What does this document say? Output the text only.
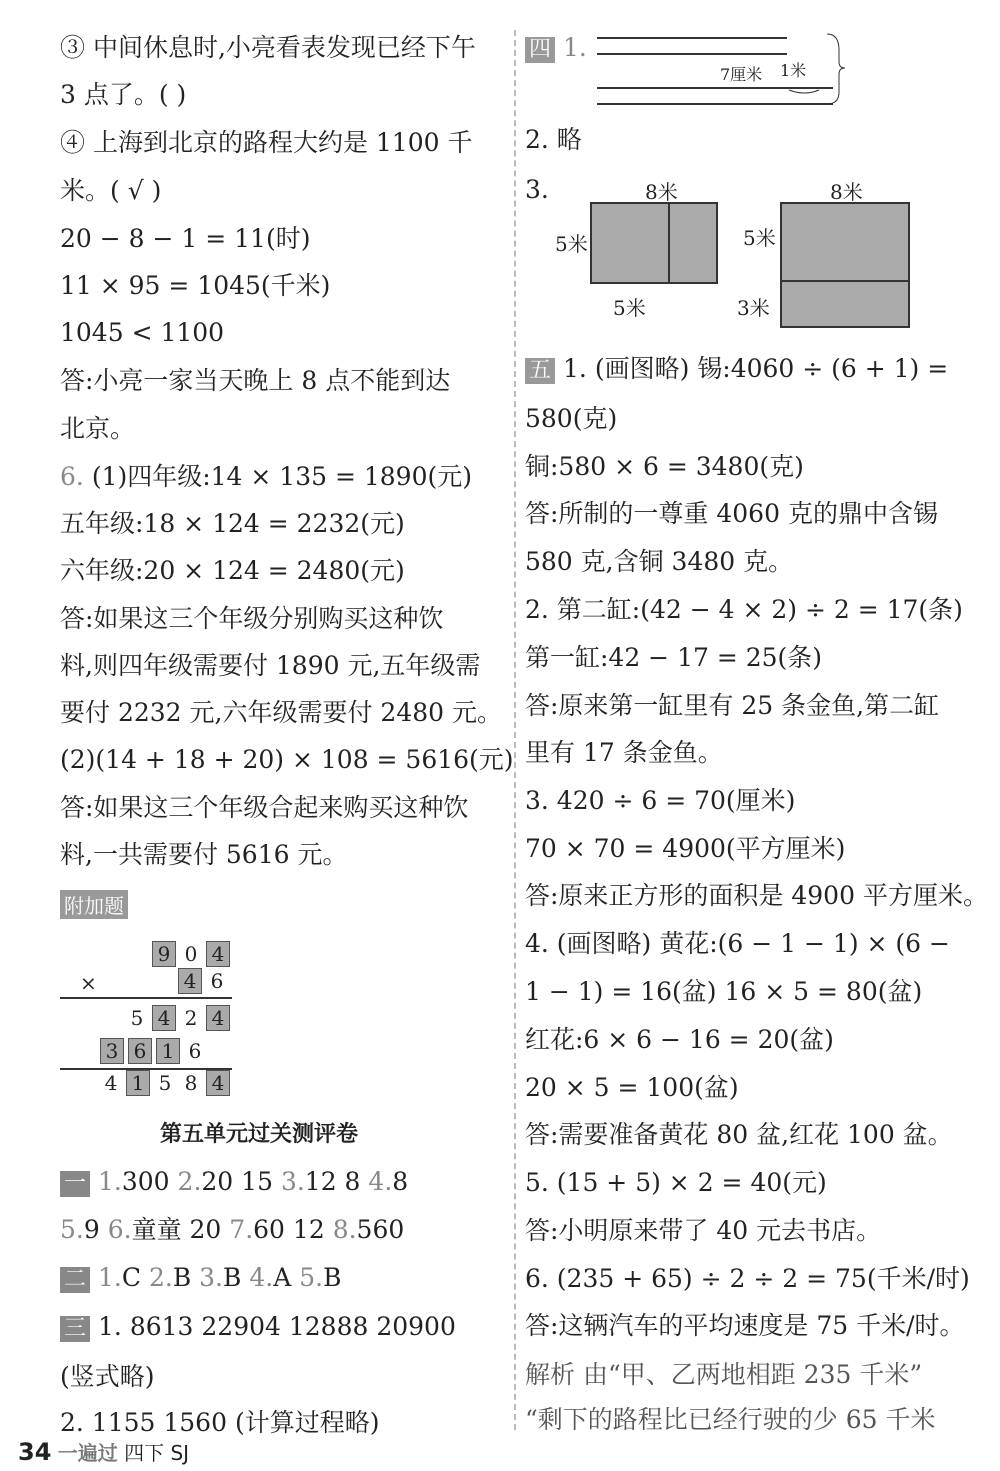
③ 中间休息时,小亮看表发现已经下午
3 点了。( )
④ 上海到北京的路程大约是 1100 千
米。( √ )
20 − 8 − 1 = 11(时)
11 × 95 = 1045(千米)
1045 < 1100
答:小亮一家当天晚上 8 点不能到达
北京。
6. (1)四年级:14 × 135 = 1890(元)
五年级:18 × 124 = 2232(元)
六年级:20 × 124 = 2480(元)
答:如果这三个年级分别购买这种饮
料,则四年级需要付 1890 元,五年级需
要付 2232 元,六年级需要付 2480 元。
(2)(14 + 18 + 20) × 108 = 5616(元)
答:如果这三个年级合起来购买这种饮
料,一共需要付 5616 元。
附加题
9 0 4
×	4 6
5 4 2 4
3 6 1 6
4 1 5 8 4
第五单元过关测评卷
一 1.300 2.20 15 3.12 8 4.8
5.9 6.童童 20 7.60 12 8.560
二 1.C 2.B 3.B 4.A 5.B
三 1. 8613 22904 12888 20900
(竖式略)
2. 1155 1560 (计算过程略)
四 1.
7厘米 1米
2. 略
3.	8米
5米
5米
8米
5米
3米
五 1. (画图略) 锡:4060 ÷ (6 + 1) =
580(克)
铜:580 × 6 = 3480(克)
答:所制的一尊重 4060 克的鼎中含锡
580 克,含铜 3480 克。
2. 第二缸:(42 − 4 × 2) ÷ 2 = 17(条)
第一缸:42 − 17 = 25(条)
答:原来第一缸里有 25 条金鱼,第二缸
里有 17 条金鱼。
3. 420 ÷ 6 = 70(厘米)
70 × 70 = 4900(平方厘米)
答:原来正方形的面积是 4900 平方厘米。
4. (画图略) 黄花:(6 − 1 − 1) × (6 −
1 − 1) = 16(盆) 16 × 5 = 80(盆)
红花:6 × 6 − 16 = 20(盆)
20 × 5 = 100(盆)
答:需要准备黄花 80 盆,红花 100 盆。
5. (15 + 5) × 2 = 40(元)
答:小明原来带了 40 元去书店。
6. (235 + 65) ÷ 2 ÷ 2 = 75(千米/时)
答:这辆汽车的平均速度是 75 千米/时。
解析 由“甲、乙两地相距 235 千米”
“剩下的路程比已经行驶的少 65 千米
34 一遍过 四下 SJ
